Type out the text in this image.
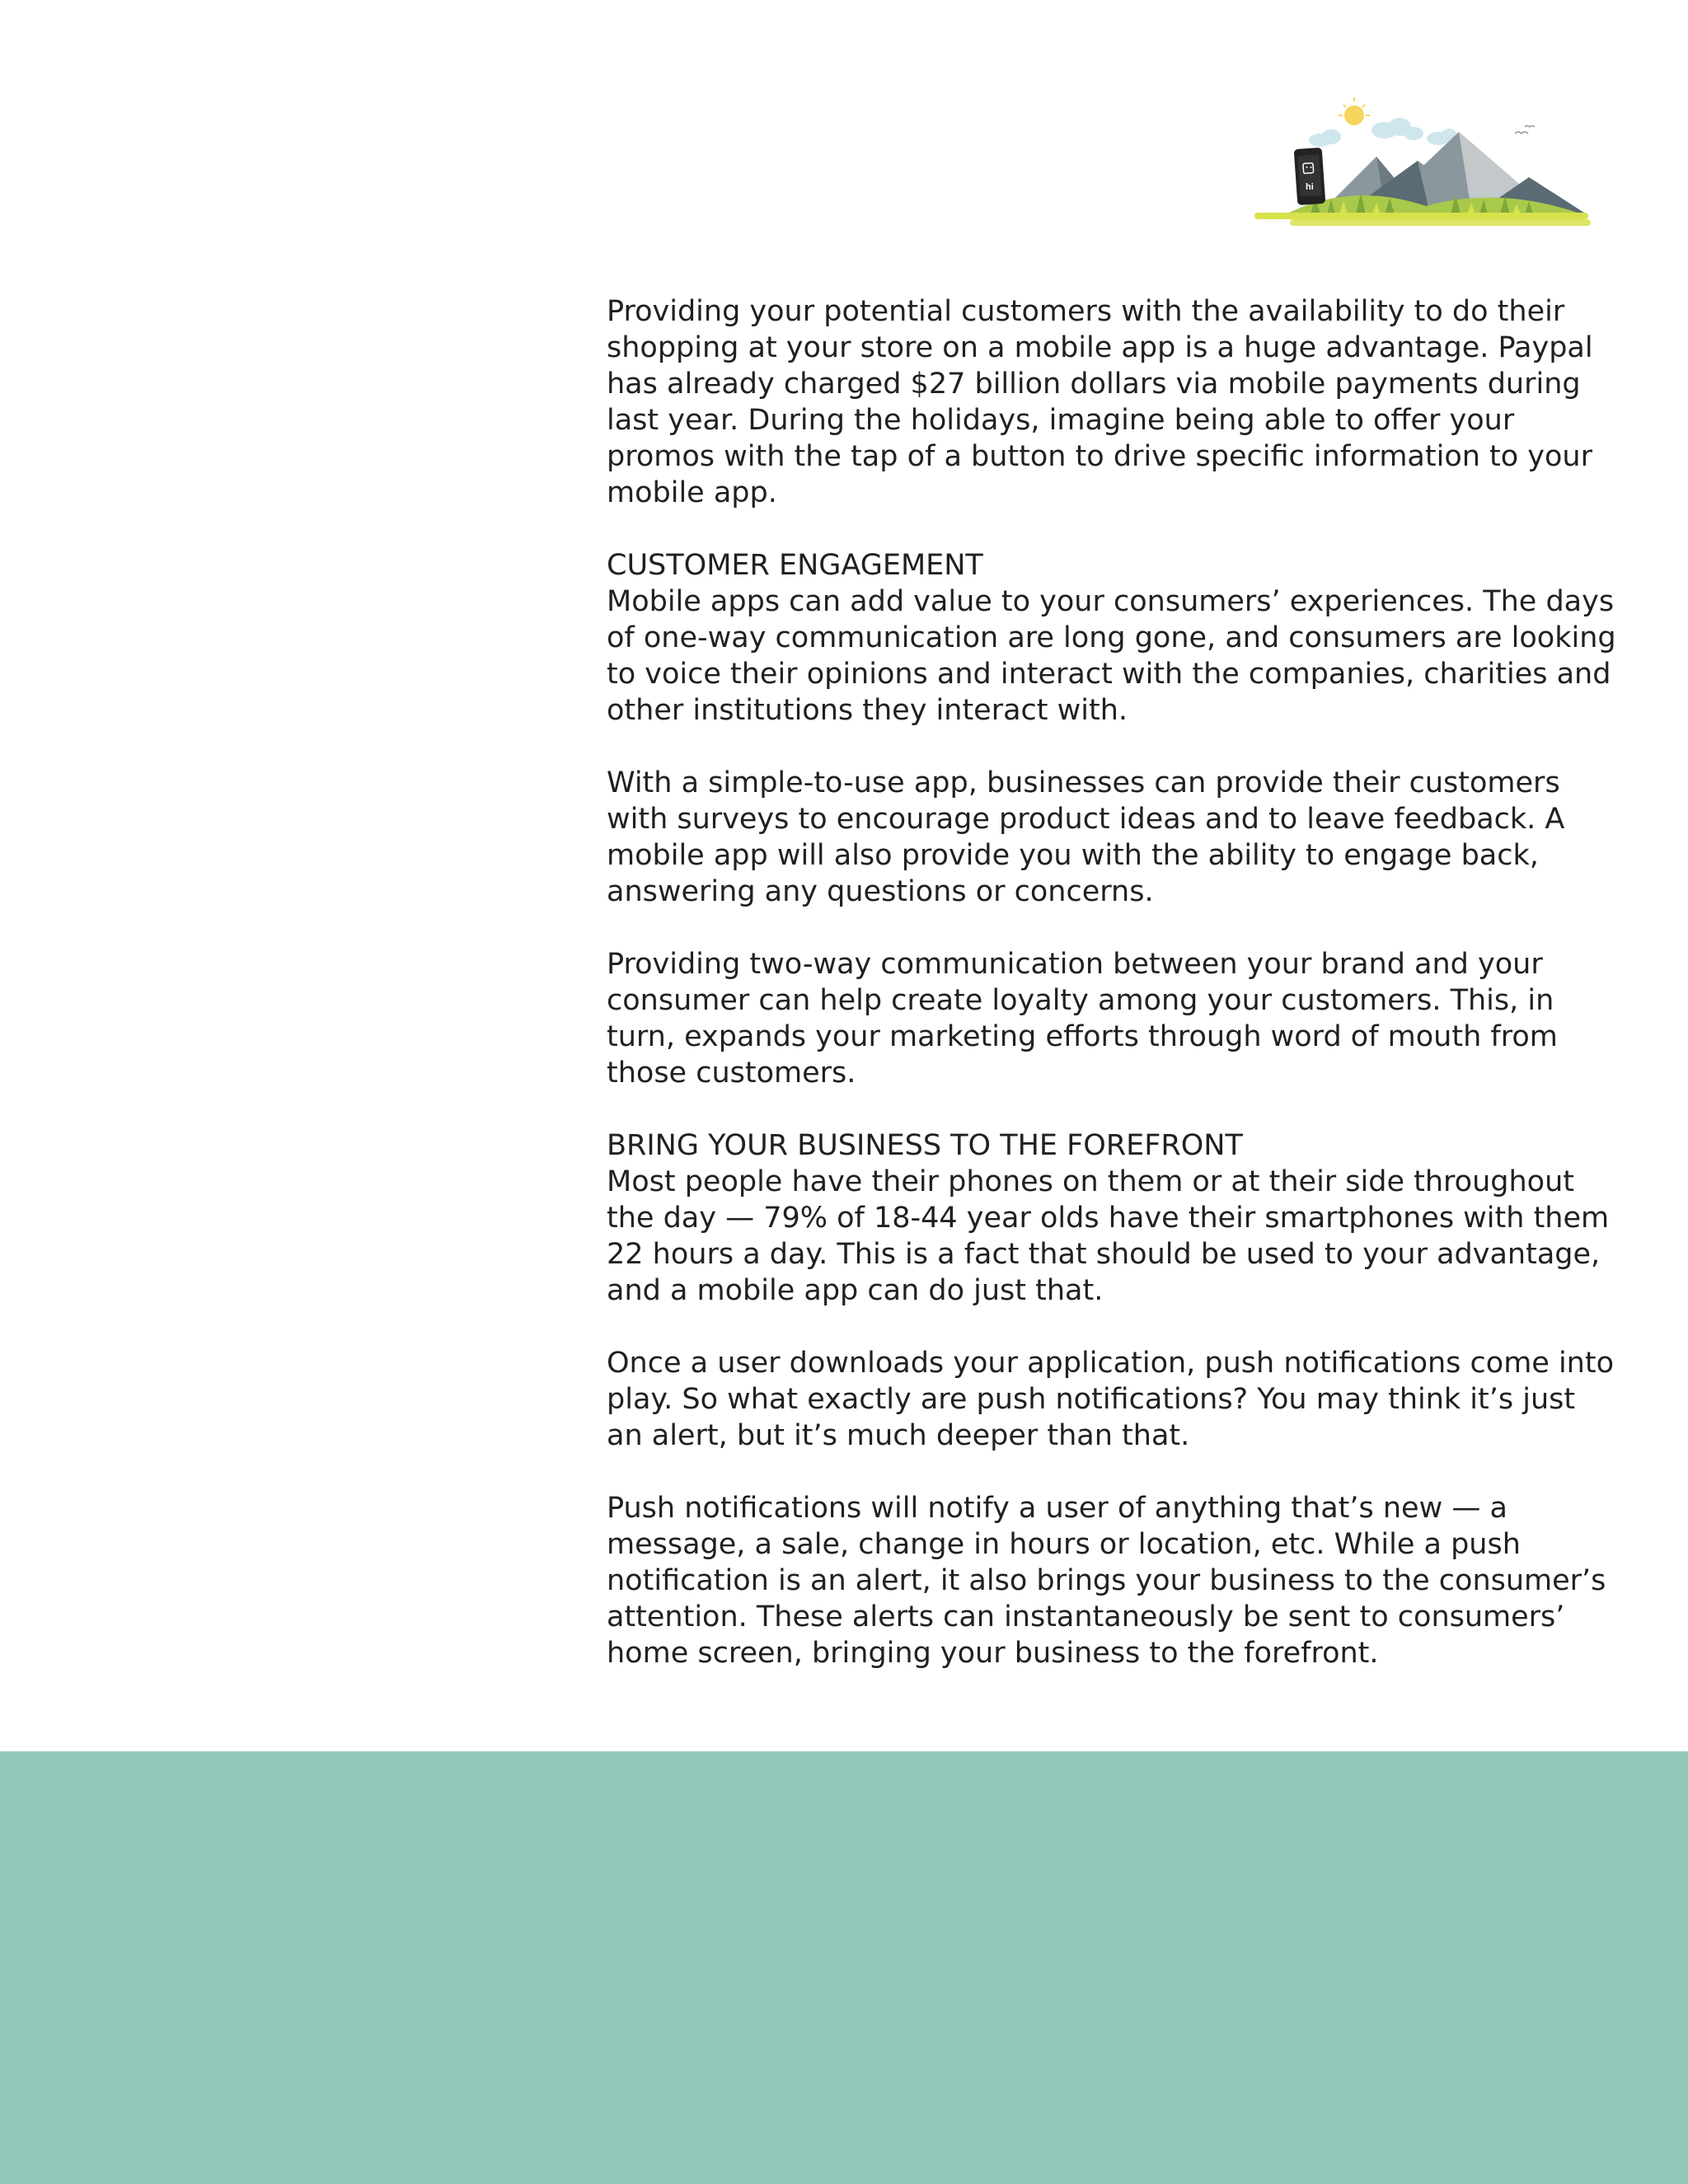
hi

Providing your potential customers with the availability to do their shopping at your store on a mobile app is a huge advantage. Paypal has already charged $27 billion dollars via mobile payments during last year. During the holidays, imagine being able to offer your promos with the tap of a button to drive specific information to your mobile app.

CUSTOMER ENGAGEMENT

Mobile apps can add value to your consumers’ experiences. The days of one-way communication are long gone, and consumers are looking to voice their opinions and interact with the companies, charities and other institutions they interact with.

With a simple-to-use app, businesses can provide their customers with surveys to encourage product ideas and to leave feedback. A mobile app will also provide you with the ability to engage back, answering any questions or concerns.

Providing two-way communication between your brand and your consumer can help create loyalty among your customers. This, in turn, expands your marketing efforts through word of mouth from those customers.

BRING YOUR BUSINESS TO THE FOREFRONT

Most people have their phones on them or at their side throughout the day — 79% of 18-44 year olds have their smartphones with them 22 hours a day. This is a fact that should be used to your advantage, and a mobile app can do just that.

Once a user downloads your application, push notifications come into play. So what exactly are push notifications? You may think it’s just an alert, but it’s much deeper than that.

Push notifications will notify a user of anything that’s new — a message, a sale, change in hours or location, etc. While a push notification is an alert, it also brings your business to the consumer’s attention. These alerts can instantaneously be sent to consumers’ home screen, bringing your business to the forefront.
